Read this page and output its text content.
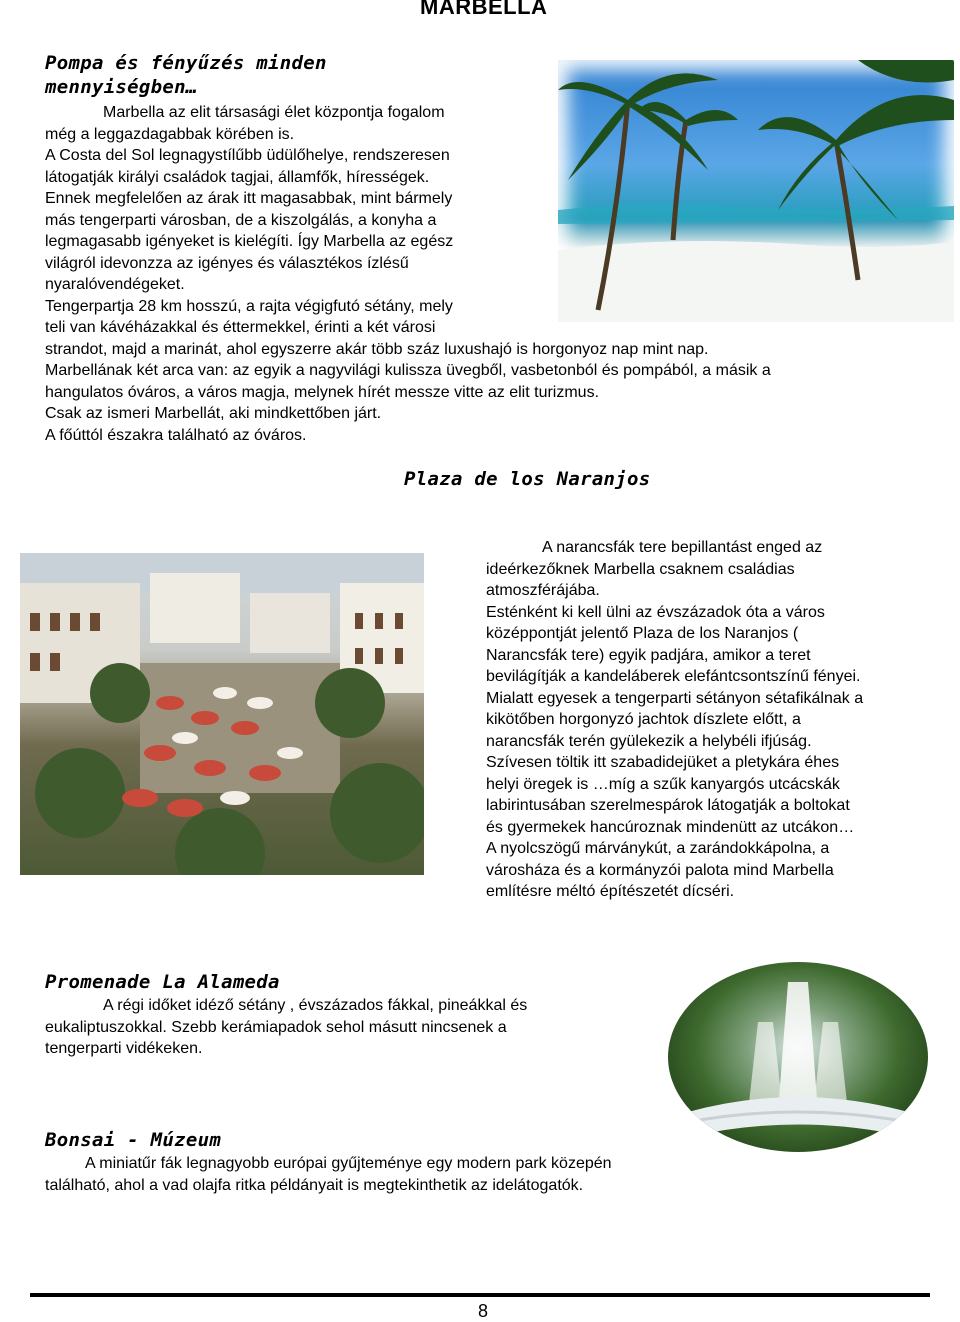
MARBELLA
Pompa és fényűzés minden
mennyiségben…
Marbella az elit társasági élet központja fogalom
még a leggazdagabbak körében is.
A Costa del Sol legnagystílűbb üdülőhelye, rendszeresen
látogatják királyi családok tagjai, államfők, hírességek.
Ennek megfelelően az árak itt magasabbak, mint bármely
más tengerparti városban, de a kiszolgálás, a konyha a
legmagasabb igényeket is kielégíti. Így Marbella az egész
világról idevonzza az igényes és választékos ízlésű
nyaralóvendégeket.
Tengerpartja 28 km hosszú, a rajta végigfutó sétány, mely
teli van kávéházakkal és éttermekkel, érinti a két városi
strandot, majd a marinát, ahol egyszerre akár több száz luxushajó is horgonyoz nap mint nap.
Marbellának két arca van: az egyik a nagyvilági kulissza üvegből, vasbetonból és pompából, a másik a
hangulatos óváros, a város magja, melynek hírét messze vitte az elit turizmus.
Csak az ismeri Marbellát, aki mindkettőben járt.
A főúttól északra található az óváros.
Plaza de los Naranjos
A narancsfák tere bepillantást enged az
ideérkezőknek Marbella csaknem családias
atmoszférájába.
Esténként ki kell ülni az évszázadok óta a város
középpontját jelentő Plaza de los Naranjos (
Narancsfák tere) egyik padjára, amikor a teret
bevilágítják a kandeláberek elefántcsontszínű fényei.
Mialatt egyesek a tengerparti sétányon sétafikálnak a
kikötőben horgonyzó jachtok díszlete előtt, a
narancsfák terén gyülekezik a helybéli ifjúság.
Szívesen töltik itt szabadidejüket a pletykára éhes
helyi öregek is …míg a szűk kanyargós utcácskák
labirintusában szerelmespárok látogatják a boltokat
és gyermekek hancúroznak mindenütt az utcákon…
A nyolcszögű márványkút, a zarándokkápolna, a
városháza és a kormányzói palota mind Marbella
említésre méltó építészetét dícséri.
Promenade La Alameda
A régi időket idéző sétány , évszázados fákkal, pineákkal és
eukaliptuszokkal. Szebb kerámiapadok sehol másutt nincsenek a
tengerparti vidékeken.
Bonsai - Múzeum
A miniatűr fák legnagyobb európai gyűjteménye egy modern park közepén
található, ahol a vad olajfa ritka példányait is megtekinthetik az idelátogatók.
8
